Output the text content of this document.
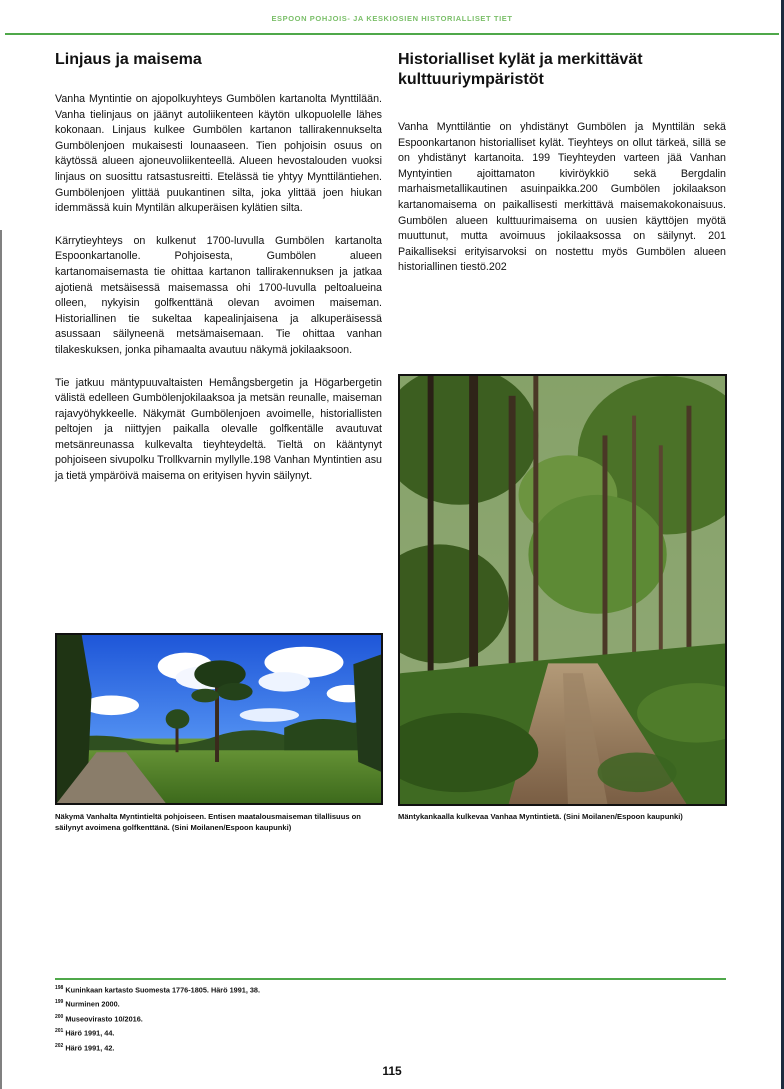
ESPOON POHJOIS- JA KESKIOSIEN HISTORIALLISET TIET
Linjaus ja maisema

Vanha Myntintie on ajopolkuyhteys Gumbölen kartanolta Mynttilään. Vanha tielinjaus on jäänyt autoliikenteen käytön ulkopuolelle lähes kokonaan. Linjaus kulkee Gumbölen kartanon tallirakennukselta Gumbölenjoen mukaisesti lounaaseen. Tien pohjoisin osuus on käytössä alueen ajoneuvoliikenteellä. Alueen hevostalouden vuoksi linjaus on suosittu ratsastusreitti. Etelässä tie yhtyy Mynttiläntiehen. Gumbölenjoen ylittää puukantinen silta, joka ylittää joen hiukan idemmässä kuin Myntilän alkuperäisen kylätien silta.

Kärrytieyhteys on kulkenut 1700-luvulla Gumbölen kartanolta Espoonkartanolle. Pohjoisesta, Gumbölen alueen kartanomaisemasta tie ohittaa kartanon tallirakennuksen ja jatkaa ajotienä metsäisessä maisemassa ohi 1700-luvulla peltoalueina olleen, nykyisin golfkenttänä olevan avoimen maiseman. Historiallinen tie sukeltaa kapealinjaisena ja alkuperäisessä asussaan säilyneenä metsämaisemaan. Tie ohittaa vanhan tilakeskuksen, jonka pihamaalta avautuu näkymä jokilaaksoon.

Tie jatkuu mäntypuuvaltaisten Hemångsbergetin ja Högarbergetin välistä edelleen Gumbölenjokilaaksoa ja metsän reunalle, maiseman rajavyöhykkeelle. Näkymät Gumbölenjoen avoimelle, historiallisten peltojen ja niittyjen paikalla olevalle golfkentälle avautuvat metsänreunassa kulkevalta tieyhteydeltä. Tieltä on kääntynyt pohjoiseen sivupolku Trollkvarnin myllylle.198 Vanhan Myntintien asu ja tietä ympäröivä maisema on erityisen hyvin säilynyt.

Historialliset kylät ja merkittävät kulttuuriympäristöt

Vanha Mynttiläntie on yhdistänyt Gumbölen ja Mynttilän sekä Espoonkartanon historialliset kylät. Tieyhteys on ollut tärkeä, sillä se on yhdistänyt kartanoita. 199 Tieyhteyden varteen jää Vanhan Myntyintien ajoittamaton kiviröykkiö sekä Bergdalin marhaismetallikautinen asuinpaikka.200 Gumbölen jokilaakson kartanomaisema on paikallisesti merkittävä maisemakokonaisuus. Gumbölen alueen kulttuurimaisema on uusien käyttöjen myötä muuttunut, mutta avoimuus jokilaaksossa on säilynyt. 201 Paikalliseksi erityisarvoksi on nostettu myös Gumbölen alueen historiallinen tiestö.202

Näkymä Vanhalta Myntintieltä pohjoiseen. Entisen maatalousmaiseman tilallisuus on säilynyt avoimena golfkenttänä. (Sini Moilanen/Espoon kaupunki)
Mäntykankaalla kulkevaa Vanhaa Myntintietä. (Sini Moilanen/Espoon kaupunki)
$^{198}$ Kuninkaan kartasto Suomesta 1776-1805. Härö 1991, 38.
$^{199}$ Nurminen 2000.
$^{200}$ Museovirasto 10/2016.
$^{201}$ Härö 1991, 44.
$^{202}$ Härö 1991, 42.
115
